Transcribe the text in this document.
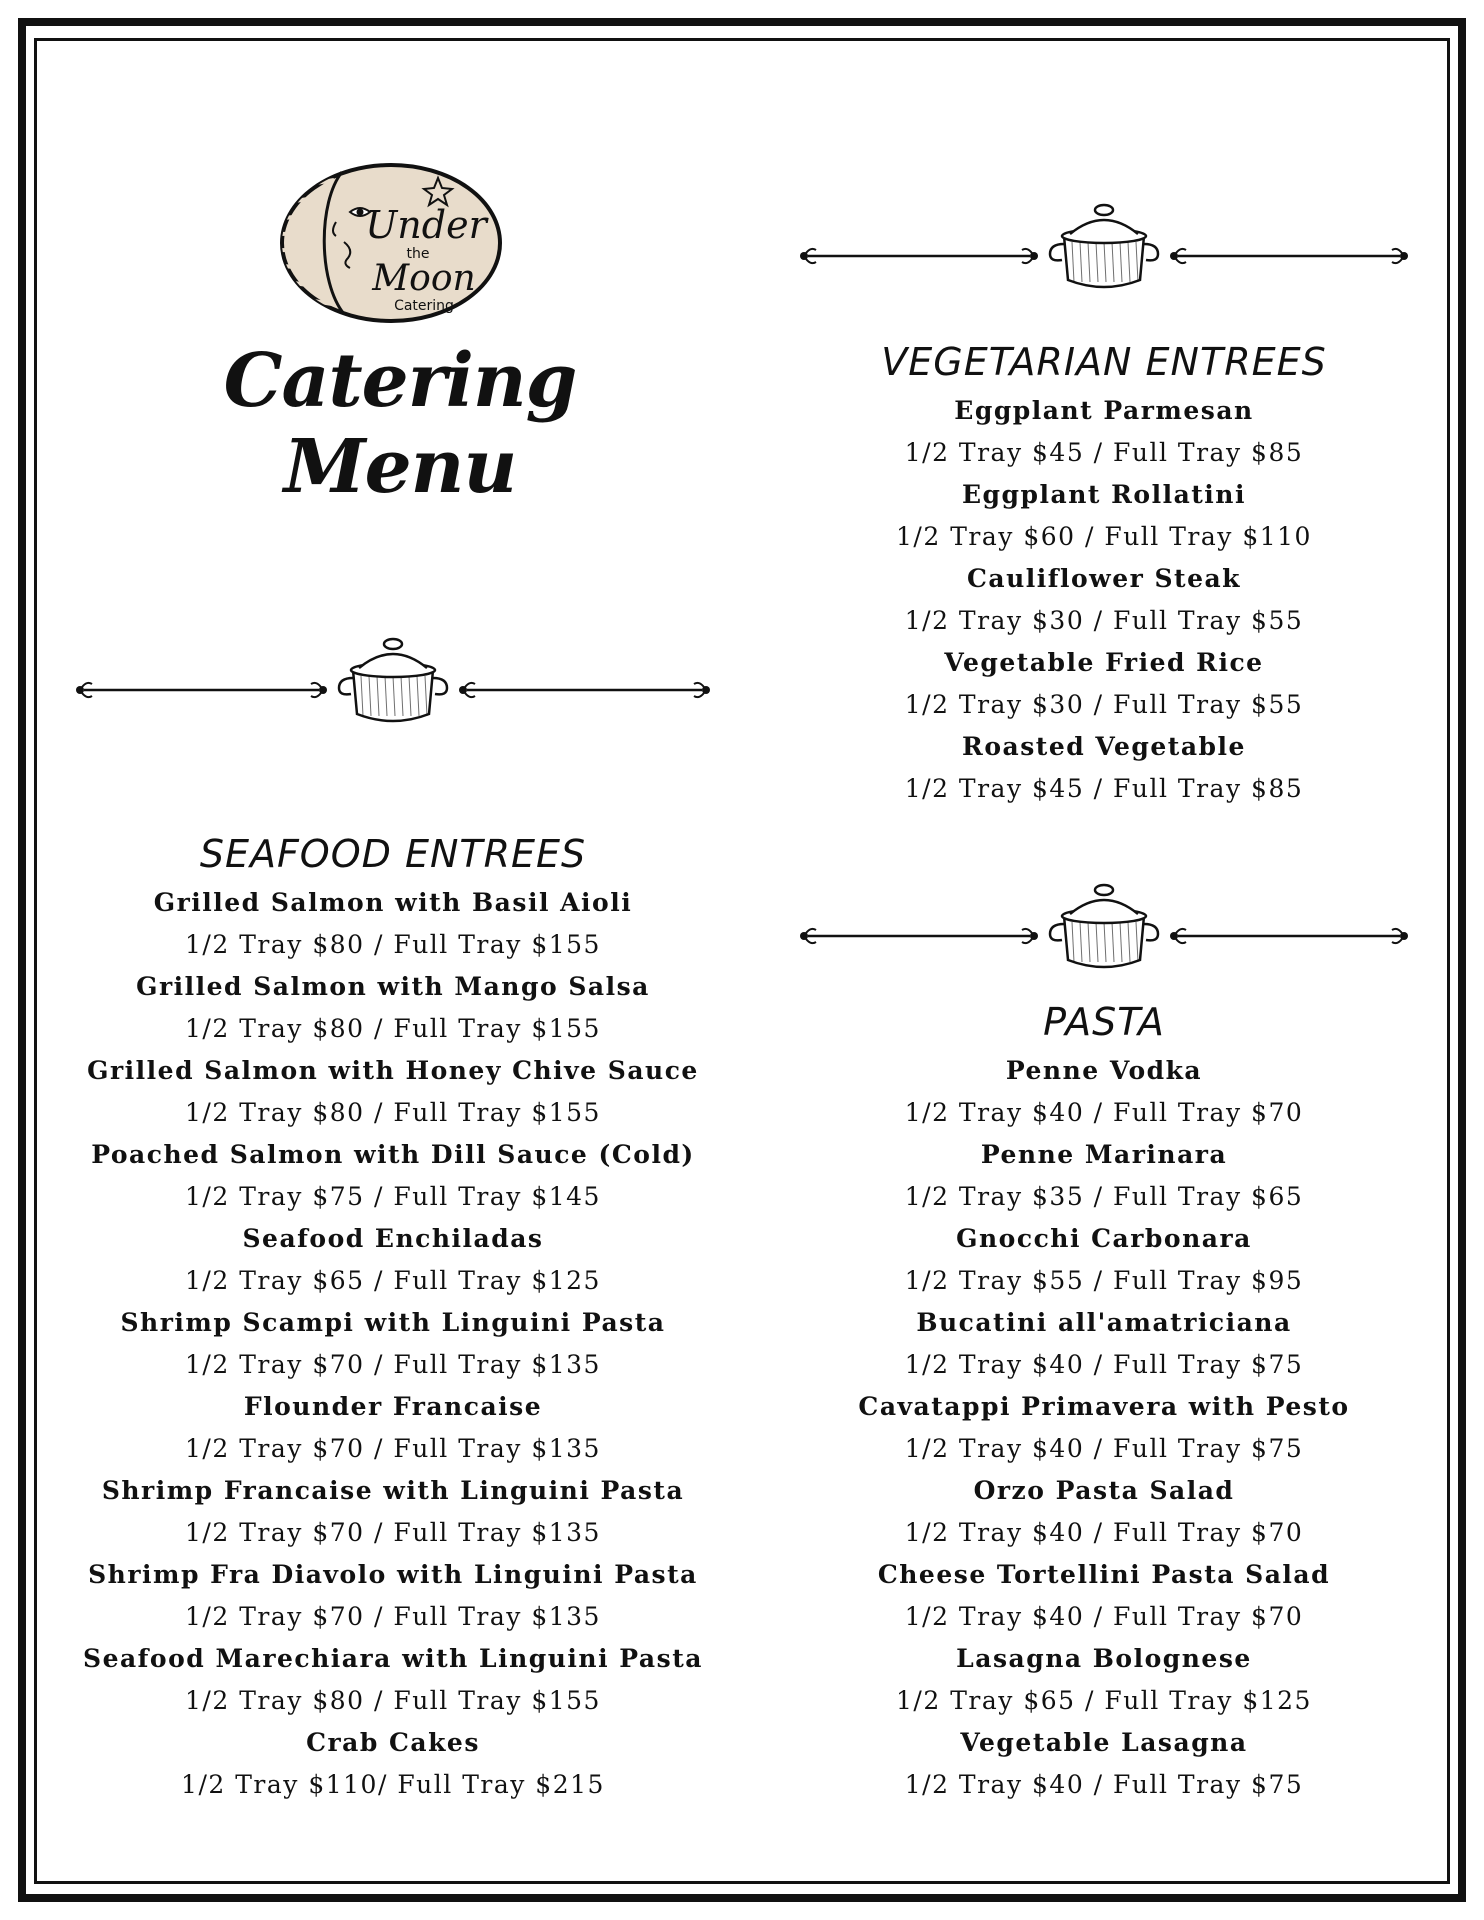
Under
the
Moon
Catering
Catering Menu
VEGETARIAN ENTREES
Eggplant Parmesan
1/2 Tray $45 / Full Tray $85
Eggplant Rollatini
1/2 Tray $60 / Full Tray $110
Cauliflower Steak
1/2 Tray $30 / Full Tray $55
Vegetable Fried Rice
1/2 Tray $30 / Full Tray $55
Roasted Vegetable
1/2 Tray $45 / Full Tray $85
SEAFOOD ENTREES
Grilled Salmon with Basil Aioli
1/2 Tray $80 / Full Tray $155
Grilled Salmon with Mango Salsa
1/2 Tray $80 / Full Tray $155
Grilled Salmon with Honey Chive Sauce
1/2 Tray $80 / Full Tray $155
Poached Salmon with Dill Sauce (Cold)
1/2 Tray $75 / Full Tray $145
Seafood Enchiladas
1/2 Tray $65 / Full Tray $125
Shrimp Scampi with Linguini Pasta
1/2 Tray $70 / Full Tray $135
Flounder Francaise
1/2 Tray $70 / Full Tray $135
Shrimp Francaise with Linguini Pasta
1/2 Tray $70 / Full Tray $135
Shrimp Fra Diavolo with Linguini Pasta
1/2 Tray $70 / Full Tray $135
Seafood Marechiara with Linguini Pasta
1/2 Tray $80 / Full Tray $155
Crab Cakes
1/2 Tray $110/ Full Tray $215
PASTA
Penne Vodka
1/2 Tray $40 / Full Tray $70
Penne Marinara
1/2 Tray $35 / Full Tray $65
Gnocchi Carbonara
1/2 Tray $55 / Full Tray $95
Bucatini all'amatriciana
1/2 Tray $40 / Full Tray $75
Cavatappi Primavera with Pesto
1/2 Tray $40 / Full Tray $75
Orzo Pasta Salad
1/2 Tray $40 / Full Tray $70
Cheese Tortellini Pasta Salad
1/2 Tray $40 / Full Tray $70
Lasagna Bolognese
1/2 Tray $65 / Full Tray $125
Vegetable Lasagna
1/2 Tray $40 / Full Tray $75
